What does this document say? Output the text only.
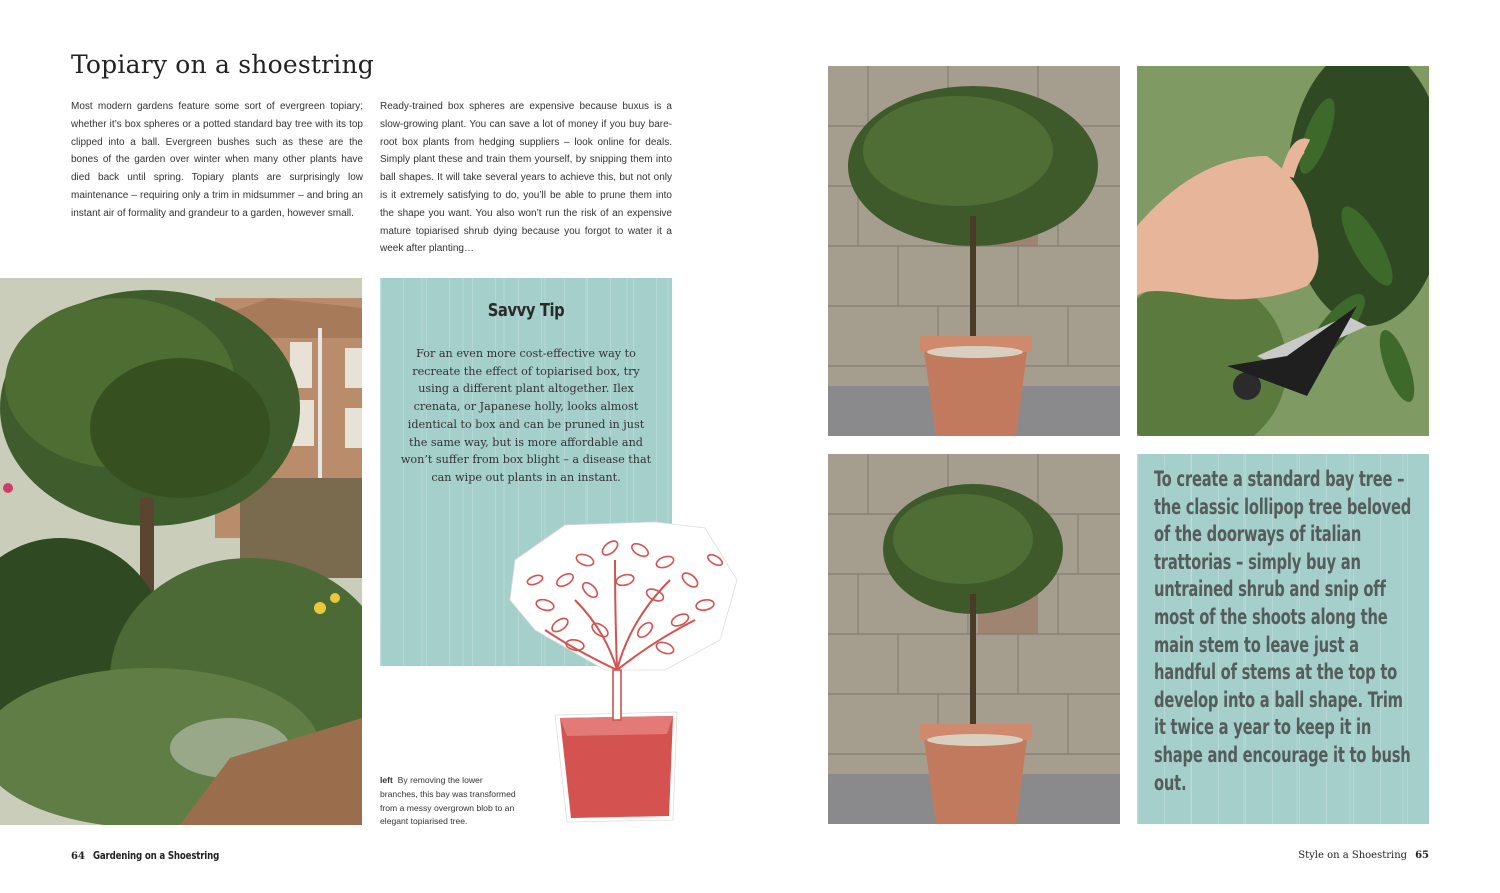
Topiary on a shoestring

Most modern gardens feature some sort of evergreen topiary; whether it’s box spheres or a potted standard bay tree with its top clipped into a ball. Evergreen bushes such as these are the bones of the garden over winter when many other plants have died back until spring. Topiary plants are surprisingly low maintenance – requiring only a trim in midsummer – and bring an instant air of formality and grandeur to a garden, however small.

Ready-trained box spheres are expensive because buxus is a slow-growing plant. You can save a lot of money if you buy bare-root box plants from hedging suppliers – look online for deals. Simply plant these and train them yourself, by snipping them into ball shapes. It will take several years to achieve this, but not only is it extremely satisfying to do, you’ll be able to prune them into the shape you want. You also won’t run the risk of an expensive mature topiarised shrub dying because you forgot to water it a week after planting…

Savvy Tip

For an even more cost-effective way to recreate the effect of topiarised box, try using a different plant altogether. Ilex crenata, or Japanese holly, looks almost identical to box and can be pruned in just the same way, but is more affordable and won’t suffer from box blight – a disease that can wipe out plants in an instant.

left By removing the lower branches, this bay was transformed from a messy overgrown blob to an elegant topiarised tree.

64 Gardening on a Shoestring

To create a standard bay tree – the classic lollipop tree beloved of the doorways of italian trattorias – simply buy an untrained shrub and snip off most of the shoots along the main stem to leave just a handful of stems at the top to develop into a ball shape. Trim it twice a year to keep it in shape and encourage it to bush out.

Style on a Shoestring 65
